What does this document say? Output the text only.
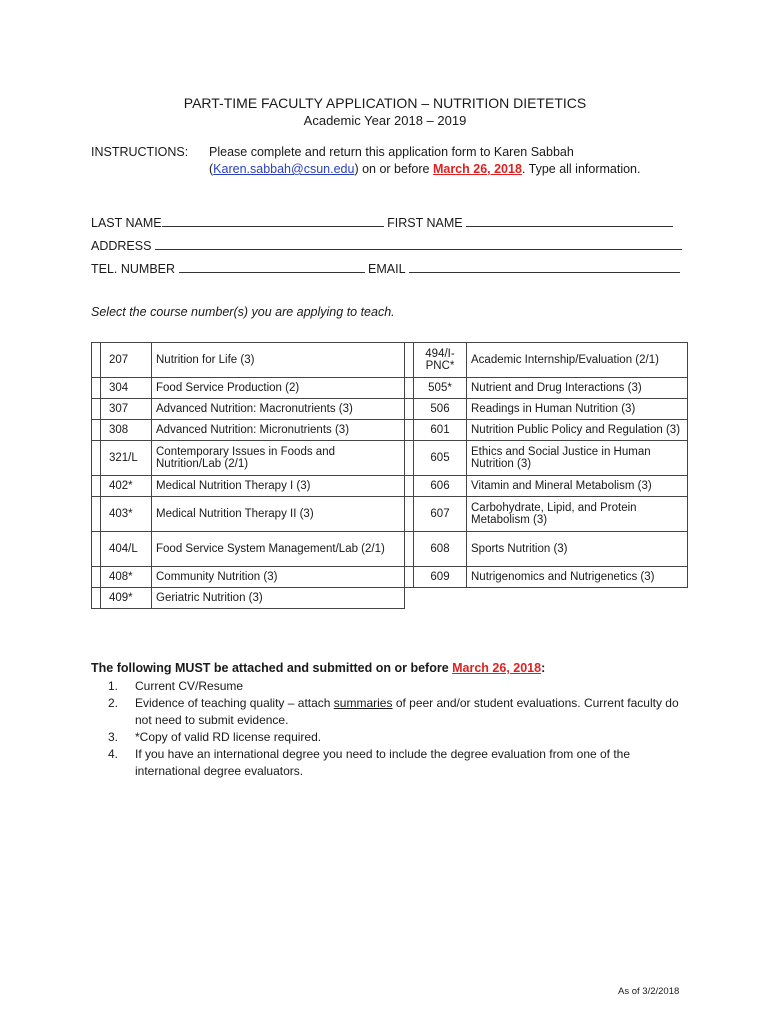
PART-TIME FACULTY APPLICATION – NUTRITION DIETETICS
Academic Year 2018 – 2019
INSTRUCTIONS: Please complete and return this application form to Karen Sabbah
(Karen.sabbah@csun.edu) on or before March 26, 2018. Type all information.
LAST NAME	FIRST NAME
ADDRESS
TEL. NUMBER	EMAIL
Select the course number(s) you are applying to teach.
	207	Nutrition for Life (3)		494/I-PNC*	Academic Internship/Evaluation (2/1)
	304	Food Service Production (2)		505*	Nutrient and Drug Interactions (3)
	307	Advanced Nutrition: Macronutrients (3)		506	Readings in Human Nutrition (3)
	308	Advanced Nutrition: Micronutrients (3)		601	Nutrition Public Policy and Regulation (3)
	321/L	Contemporary Issues in Foods and Nutrition/Lab (2/1)		605	Ethics and Social Justice in Human Nutrition (3)
	402*	Medical Nutrition Therapy I (3)		606	Vitamin and Mineral Metabolism (3)
	403*	Medical Nutrition Therapy II (3)		607	Carbohydrate, Lipid, and Protein Metabolism (3)
	404/L	Food Service System Management/Lab (2/1)		608	Sports Nutrition (3)
	408*	Community Nutrition (3)		609	Nutrigenomics and Nutrigenetics (3)
	409*	Geriatric Nutrition (3)			
The following MUST be attached and submitted on or before March 26, 2018:
1. Current CV/Resume
2. Evidence of teaching quality – attach summaries of peer and/or student evaluations. Current faculty do not need to submit evidence.
3. *Copy of valid RD license required.
4. If you have an international degree you need to include the degree evaluation from one of the international degree evaluators.
As of 3/2/2018
